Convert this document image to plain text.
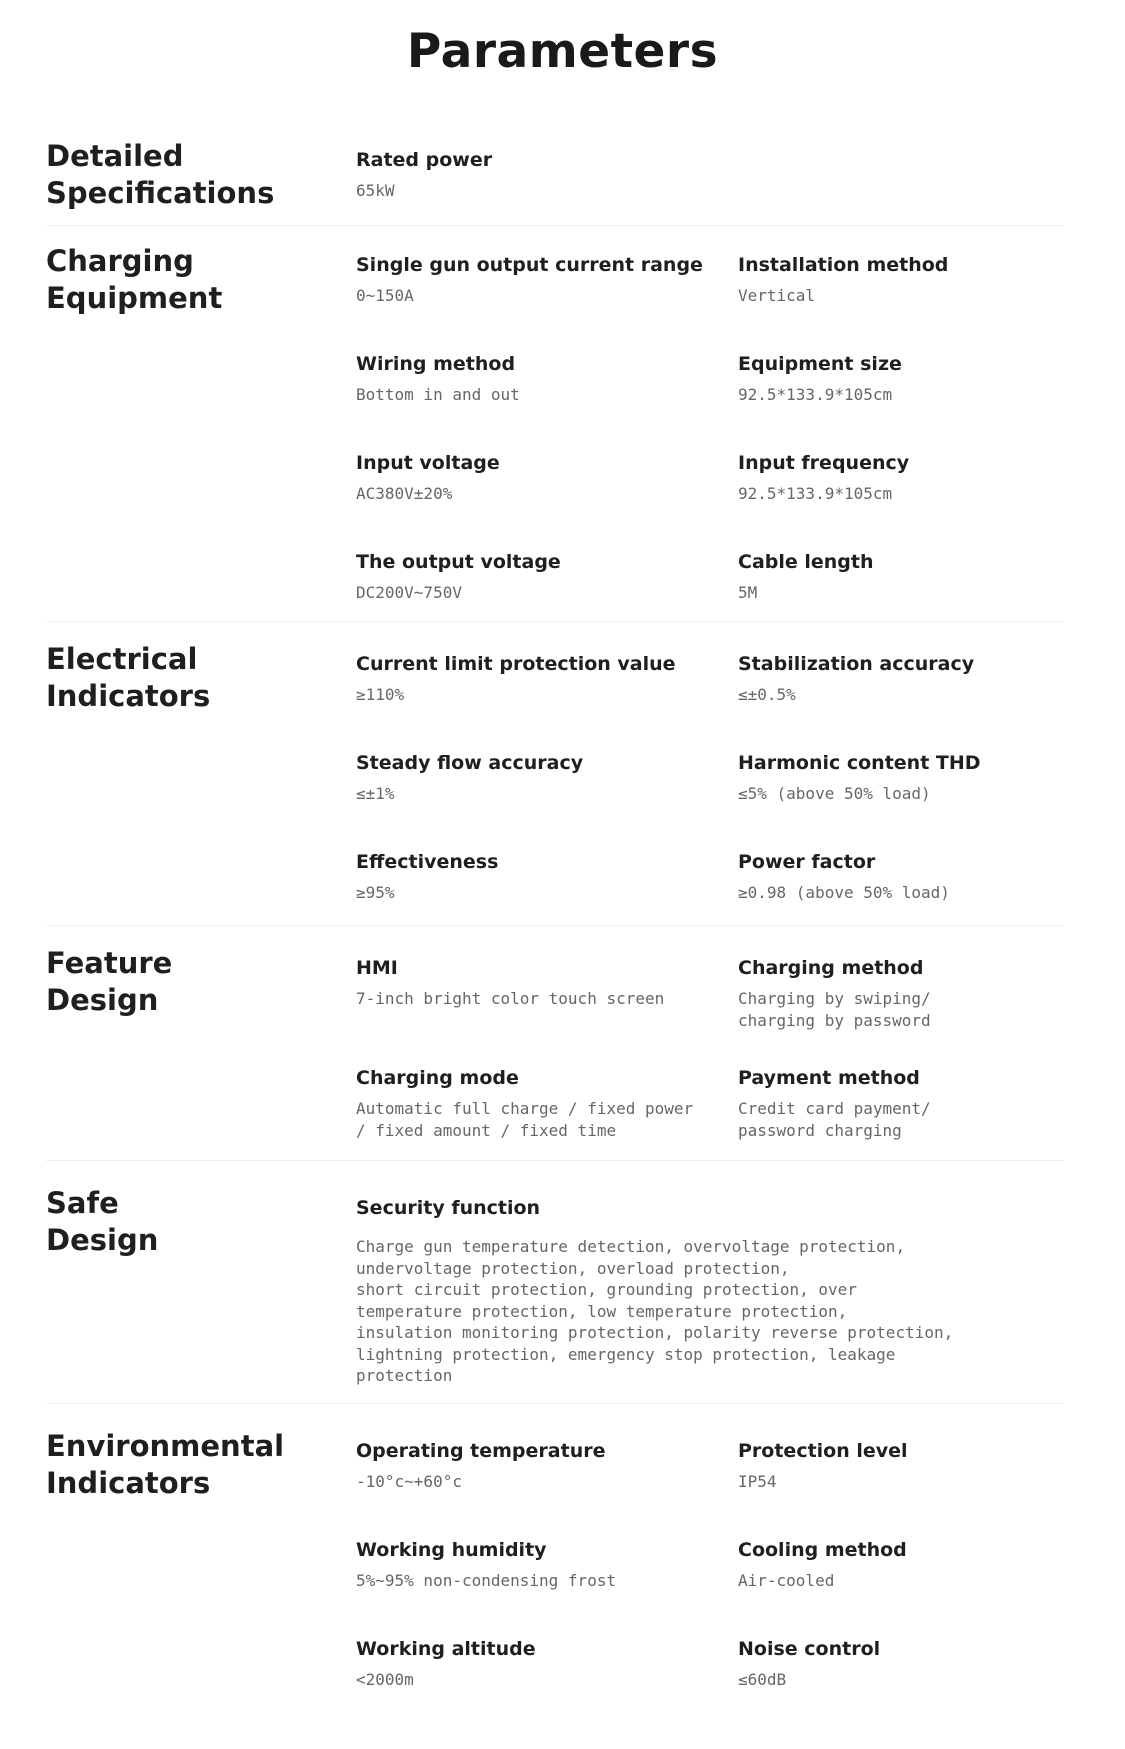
Parameters
Detailed
Specifications
Rated power
65kW
Charging
Equipment
Single gun output current range
0~150A
Installation method
Vertical
Wiring method
Bottom in and out
Equipment size
92.5*133.9*105cm
Input voltage
AC380V±20%
Input frequency
92.5*133.9*105cm
The output voltage
DC200V~750V
Cable length
5M
Electrical
Indicators
Current limit protection value
≥110%
Stabilization accuracy
≤±0.5%
Steady flow accuracy
≤±1%
Harmonic content THD
≤5% (above 50% load)
Effectiveness
≥95%
Power factor
≥0.98 (above 50% load)
Feature
Design
HMI
7-inch bright color touch screen
Charging method
Charging by swiping/
charging by password
Charging mode
Automatic full charge / fixed power
/ fixed amount / fixed time
Payment method
Credit card payment/
password charging
Safe
Design
Security function
Charge gun temperature detection, overvoltage protection,
undervoltage protection, overload protection,
short circuit protection, grounding protection, over
temperature protection, low temperature protection,
insulation monitoring protection, polarity reverse protection,
lightning protection, emergency stop protection, leakage
protection
Environmental
Indicators
Operating temperature
-10°c~+60°c
Protection level
IP54
Working humidity
5%~95% non-condensing frost
Cooling method
Air-cooled
Working altitude
<2000m
Noise control
≤60dB
